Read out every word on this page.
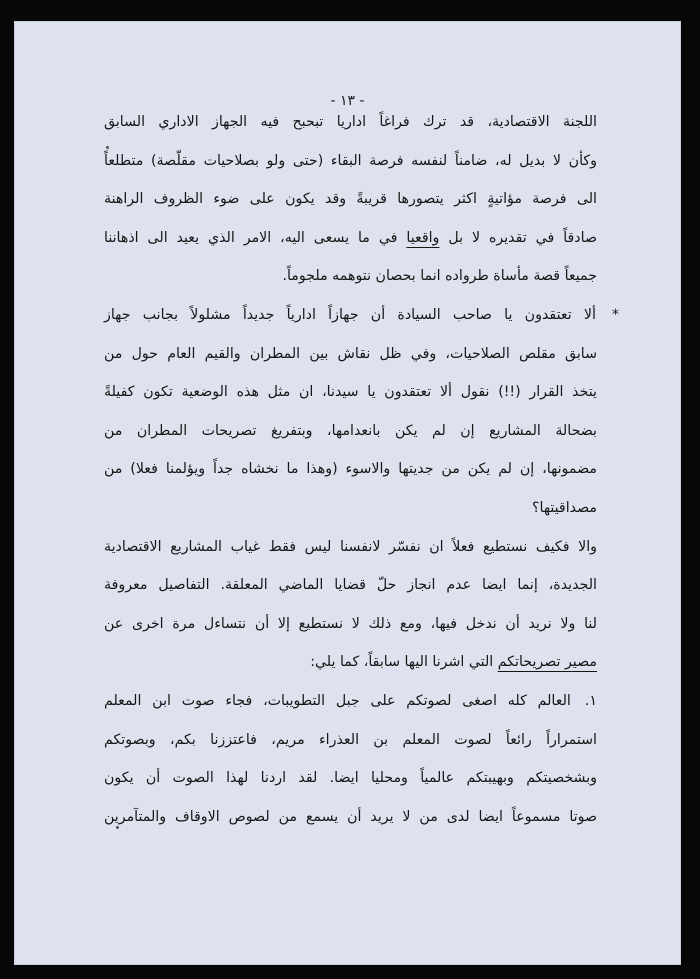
- ١٣ -
اللجنة الاقتصادية، قد ترك فراغاً اداريا تبحبح فيه الجهاز الاداري السابق
وكأن لا بديل له، ضامناً لنفسه فرصة البقاء (حتى ولو بصلاحيات مقلّصة) متطلعاً
الى فرصة مؤاتيةٍ اكثر يتصورها قريبةً وقد يكون على ضوء الظروف الراهنة
صادقاً في تقديره لا بل واقعيا في ما يسعى اليه، الامر الذي يعيد الى اذهاننا
جميعاً قصة مأساة طرواده انما بحصان نتوهمه ملجوماً.
*ألا تعتقدون يا صاحب السيادة أن جهازاً ادارياً جديداً مشلولاً بجانب جهاز
سابق مقلص الصلاحيات، وفي ظل نقاش بين المطران والقيم العام حول من
يتخذ القرار (!!) نقول ألا تعتقدون يا سيدنا، ان مثل هذه الوضعية تكون كفيلةً
بضحالة المشاريع إن لم يكن بانعدامها، وبتفريغ تصريحات المطران من
مضمونها، إن لم يكن من جديتها والاسوء (وهذا ما نخشاه جداً ويؤلمنا فعلا) من
مصداقيتها؟
والا فكيف نستطيع فعلاً ان نفسّر لانفسنا ليس فقط غياب المشاريع الاقتصادية
الجديدة، إنما ايضا عدم انجاز حلّ قضايا الماضي المعلقة. التفاصيل معروفة
لنا ولا نريد أن ندخل فيها، ومع ذلك لا نستطيع إلا أن نتساءل مرة اخرى عن
مصير تصريحاتكم التي اشرنا اليها سابقاً، كما يلي:
١.العالم كله اصغى لصوتكم على جبل التطويبات، فجاء صوت ابن المعلم
استمراراً رائعاً لصوت المعلم بن العذراء مريم، فاعتززنا بكم، وبصوتكم
وبشخصيتكم وبهيبتكم عالمياً ومحليا ايضا. لقد اردنا لهذا الصوت أن يكون
صوتا مسموعاً ايضا لدى من لا يريد أن يسمع من لصوص الاوقاف والمتآمرين
